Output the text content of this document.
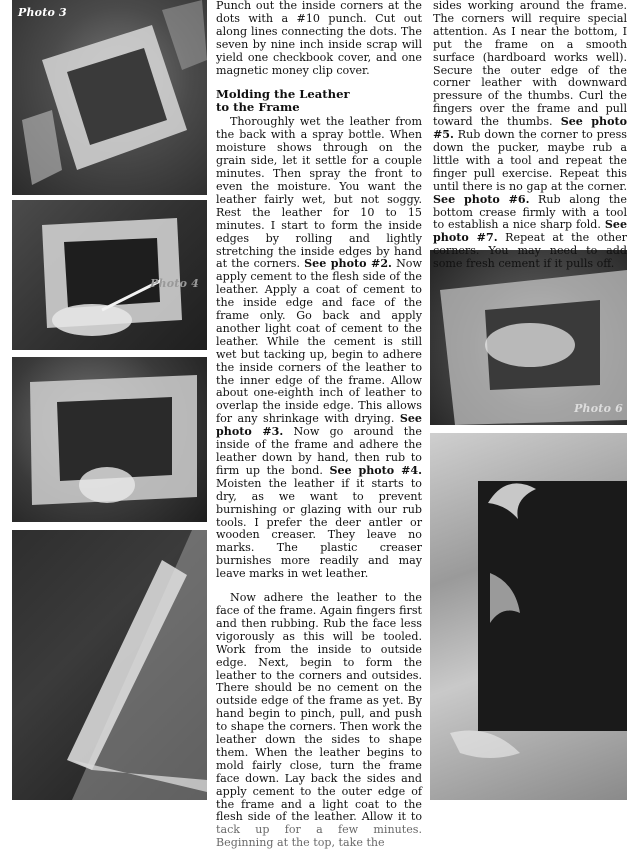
Photo 3
Photo 4
Photo 6

Punch out the inside corners at the dots with a #10 punch. Cut out along lines connecting the dots. The seven by nine inch inside scrap will yield one checkbook cover, and one magnetic money clip cover.

Molding the Leather
to the Frame

Thoroughly wet the leather from the back with a spray bottle. When moisture shows through on the grain side, let it settle for a couple minutes. Then spray the front to even the moisture. You want the leather fairly wet, but not soggy. Rest the leather for 10 to 15 minutes. I start to form the inside edges by rolling and lightly stretching the inside edges by hand at the corners. See photo #2. Now apply cement to the flesh side of the leather. Apply a coat of cement to the inside edge and face of the frame only. Go back and apply another light coat of cement to the leather. While the cement is still wet but tacking up, begin to adhere the inside corners of the leather to the inner edge of the frame. Allow about one-eighth inch of leather to overlap the inside edge. This allows for any shrinkage with drying. See photo #3. Now go around the inside of the frame and adhere the leather down by hand, then rub to firm up the bond. See photo #4. Moisten the leather if it starts to dry, as we want to prevent burnishing or glazing with our rub tools. I prefer the deer antler or wooden creaser. They leave no marks. The plastic creaser burnishes more readily and may leave marks in wet leather.

Now adhere the leather to the face of the frame. Again fingers first and then rubbing. Rub the face less vigorously as this will be tooled. Work from the inside to outside edge. Next, begin to form the leather to the corners and outsides. There should be no cement on the outside edge of the frame as yet. By hand begin to pinch, pull, and push to shape the corners. Then work the leather down the sides to shape them. When the leather begins to mold fairly close, turn the frame face down. Lay back the sides and apply cement to the outer edge of the frame and a light coat to the flesh side of the leather. Allow it to tack up for a few minutes. Beginning at the top, take the

sides working around the frame. The corners will require special attention. As I near the bottom, I put the frame on a smooth surface (hardboard works well). Secure the outer edge of the corner leather with downward pressure of the thumbs. Curl the fingers over the frame and pull toward the thumbs. See photo #5. Rub down the corner to press down the pucker, maybe rub a little with a tool and repeat the finger pull exercise. Repeat this until there is no gap at the corner. See photo #6. Rub along the bottom crease firmly with a tool to establish a nice sharp fold. See photo #7. Repeat at the other corners. You may need to add some fresh cement if it pulls off.
